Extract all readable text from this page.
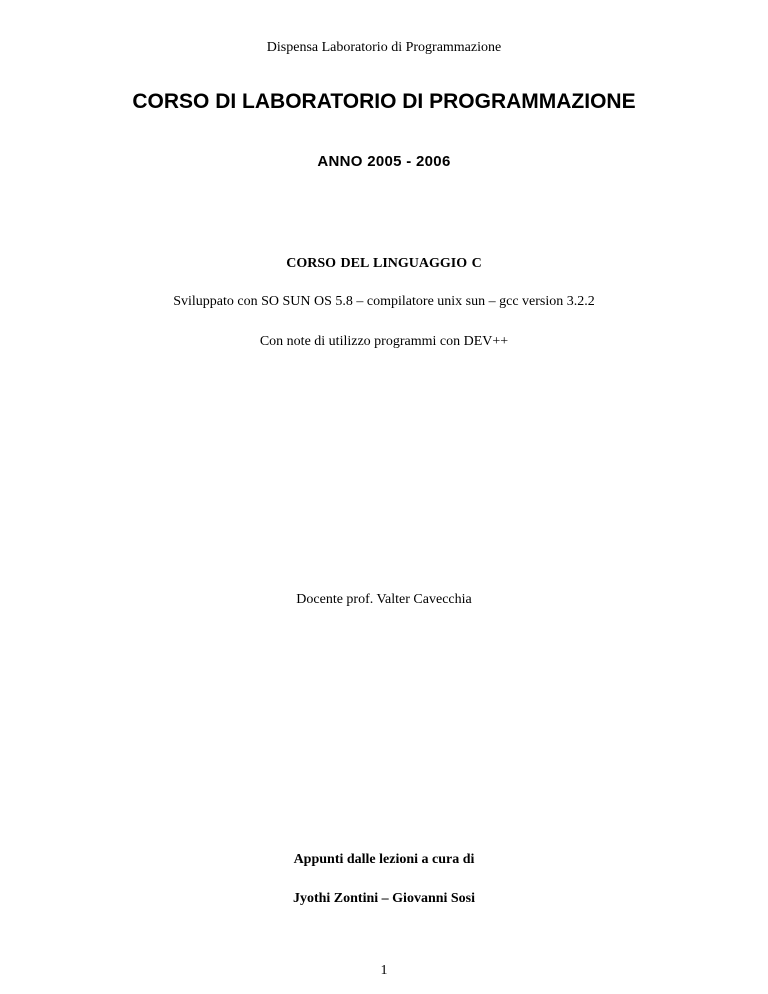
Dispensa Laboratorio di Programmazione
CORSO DI LABORATORIO DI PROGRAMMAZIONE
ANNO 2005 - 2006
CORSO DEL LINGUAGGIO C
Sviluppato con SO SUN OS 5.8 – compilatore unix sun – gcc version 3.2.2
Con note di utilizzo programmi con DEV++
Docente prof. Valter Cavecchia
Appunti dalle lezioni a cura di
Jyothi Zontini – Giovanni Sosi
1
